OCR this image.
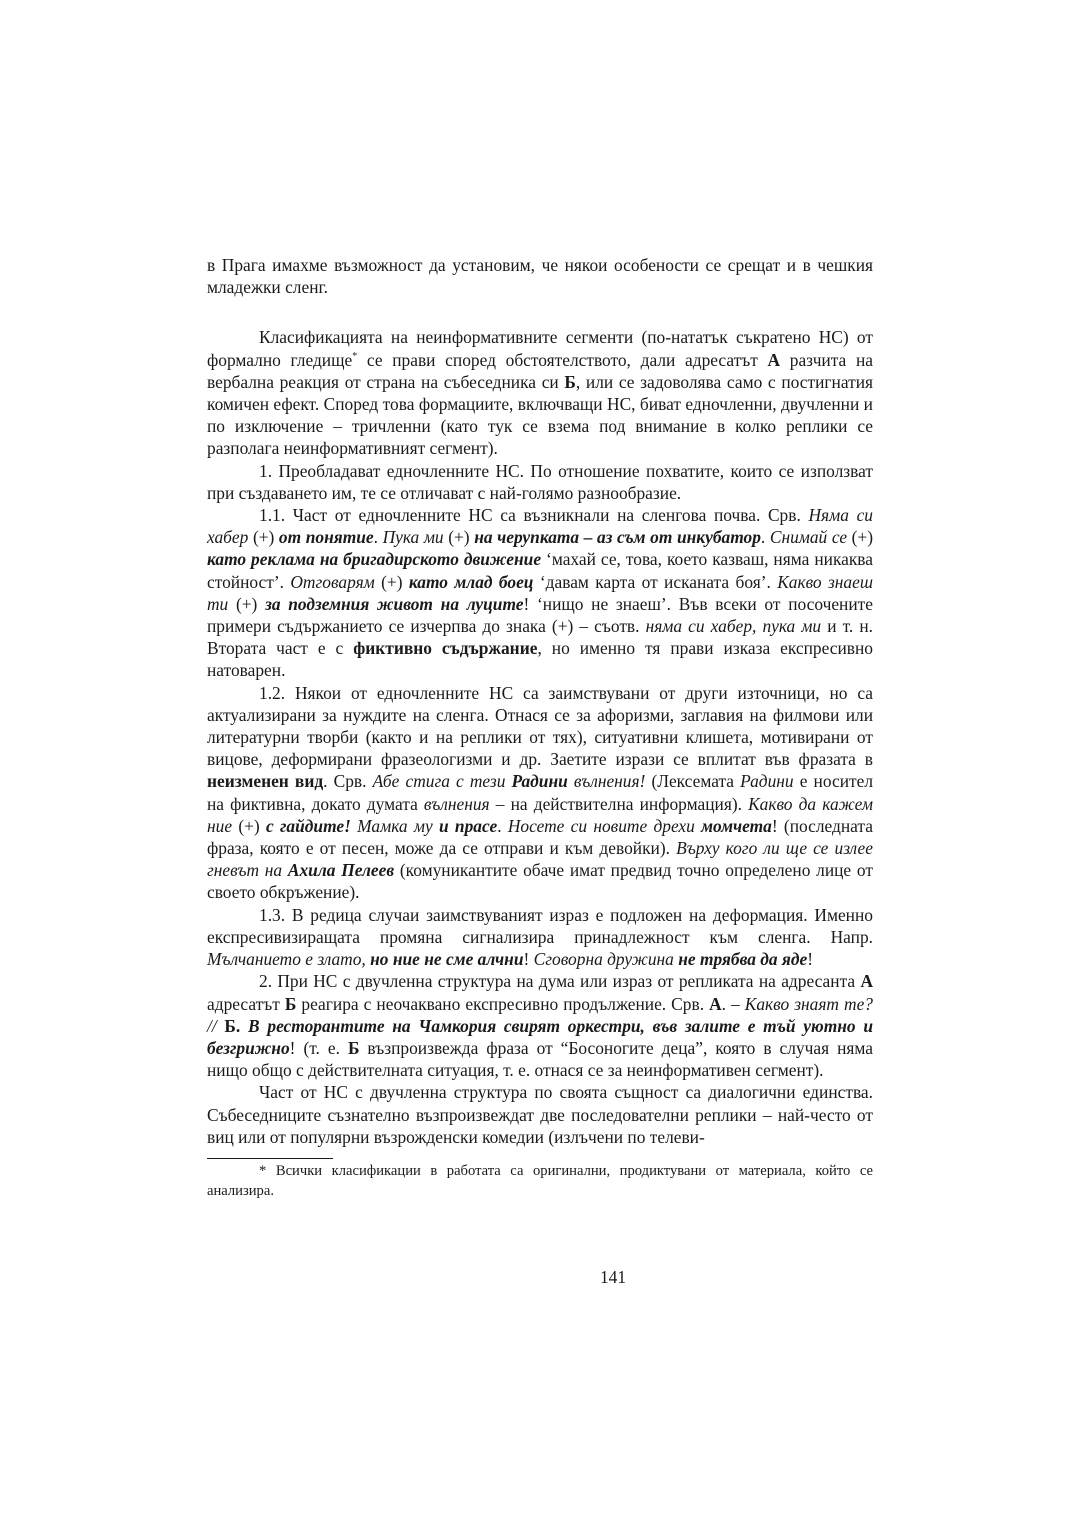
в Прага имахме възможност да установим, че някои особености се срещат и в чешкия младежки сленг.

Класификацията на неинформативните сегменти (по-нататък съкратено НС) от формално гледище* се прави според обстоятелството, дали адресатът А разчита на вербална реакция от страна на събеседника си Б, или се задоволява само с постигнатия комичен ефект. Според това формациите, включващи НС, биват едночленни, двучленни и по изключение – тричленни (като тук се взема под внимание в колко реплики се разполага неинформативният сегмент).

1. Преобладават едночленните НС. По отношение похватите, които се използват при създаването им, те се отличават с най-голямо разнообразие.

1.1. Част от едночленните НС са възникнали на сленгова почва. Срв. Няма си хабер (+) от понятие. Пука ми (+) на черупката – аз съм от инкубатор. Снимай се (+) като реклама на бригадирското движение ‘махай се, това, което казваш, няма никаква стойност’. Отговарям (+) като млад боец ‘давам карта от исканата боя’. Какво знаеш ти (+) за подземния живот на луците! ‘нищо не знаеш’. Във всеки от посочените примери съдържанието се изчерпва до знака (+) – съотв. няма си хабер, пука ми и т. н. Втората част е с фиктивно съдържание, но именно тя прави изказа експресивно натоварен.

1.2. Някои от едночленните НС са заимствувани от други източници, но са актуализирани за нуждите на сленга. Отнася се за афоризми, заглавия на филмови или литературни творби (както и на реплики от тях), ситуативни клишета, мотивирани от вицове, деформирани фразеологизми и др. Заетите изрази се вплитат във фразата в неизменен вид. Срв. Абе стига с тези Радини вълнения! (Лексемата Радини е носител на фиктивна, докато думата вълнения – на действителна информация). Какво да кажем ние (+) с гайдите! Мамка му и прасе. Носете си новите дрехи момчета! (последната фраза, която е от песен, може да се отправи и към девойки). Върху кого ли ще се излее гневът на Ахила Пелеев (комуникантите обаче имат предвид точно определено лице от своето обкръжение).

1.3. В редица случаи заимствуваният израз е подложен на деформация. Именно експресивизиращата промяна сигнализира принадлежност към сленга. Напр. Мълчанието е злато, но ние не сме алчни! Сговорна дружина не трябва да яде!

2. При НС с двучленна структура на дума или израз от репликата на адресанта А адресатът Б реагира с неочаквано експресивно продължение. Срв. А. – Какво знаят те? // Б. В ресторантите на Чамкория свирят оркестри, във залите е тъй уютно и безгрижно! (т. е. Б възпроизвежда фраза от “Босоногите деца”, която в случая няма нищо общо с действителната ситуация, т. е. отнася се за неинформативен сегмент).

Част от НС с двучленна структура по своята същност са диалогични единства. Събеседниците съзнателно възпроизвеждат две последователни реплики – най-често от виц или от популярни възрожденски комедии (излъчени по телеви-

* Всички класификации в работата са оригинални, продиктувани от материала, който се анализира.

141
